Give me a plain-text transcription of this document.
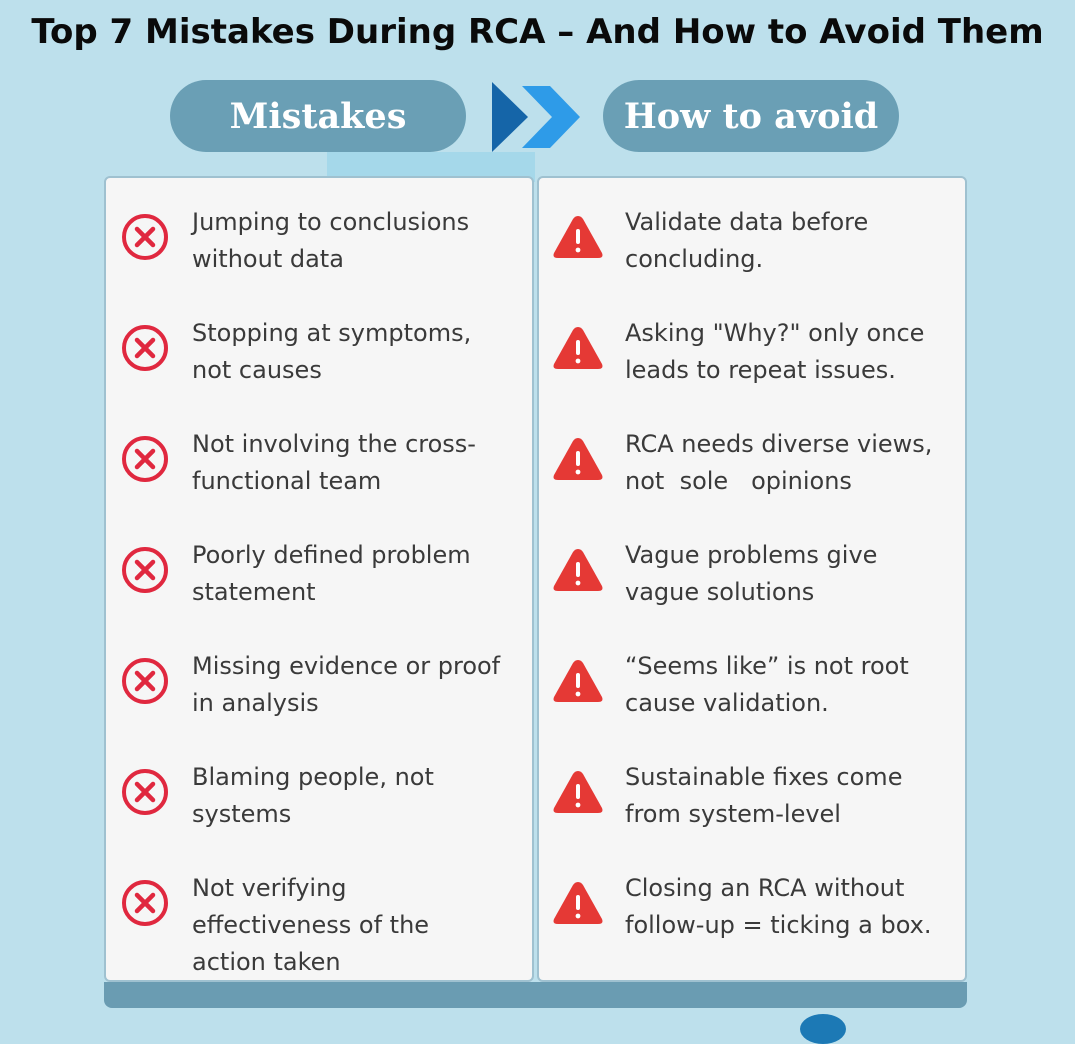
Top 7 Mistakes During RCA – And How to Avoid Them
Mistakes	How to avoid
Jumping to conclusions
without data
Stopping at symptoms,
not causes
Not involving the cross-
functional team
Poorly defined problem
statement
Missing evidence or proof
in analysis
Blaming people, not
systems
Not verifying
effectiveness of the
action taken
Validate data before
concluding.
Asking "Why?" only once
leads to repeat issues.
RCA needs diverse views,
not  sole   opinions
Vague problems give
vague solutions
“Seems like” is not root
cause validation.
Sustainable fixes come
from system-level
Closing an RCA without
follow-up = ticking a box.
